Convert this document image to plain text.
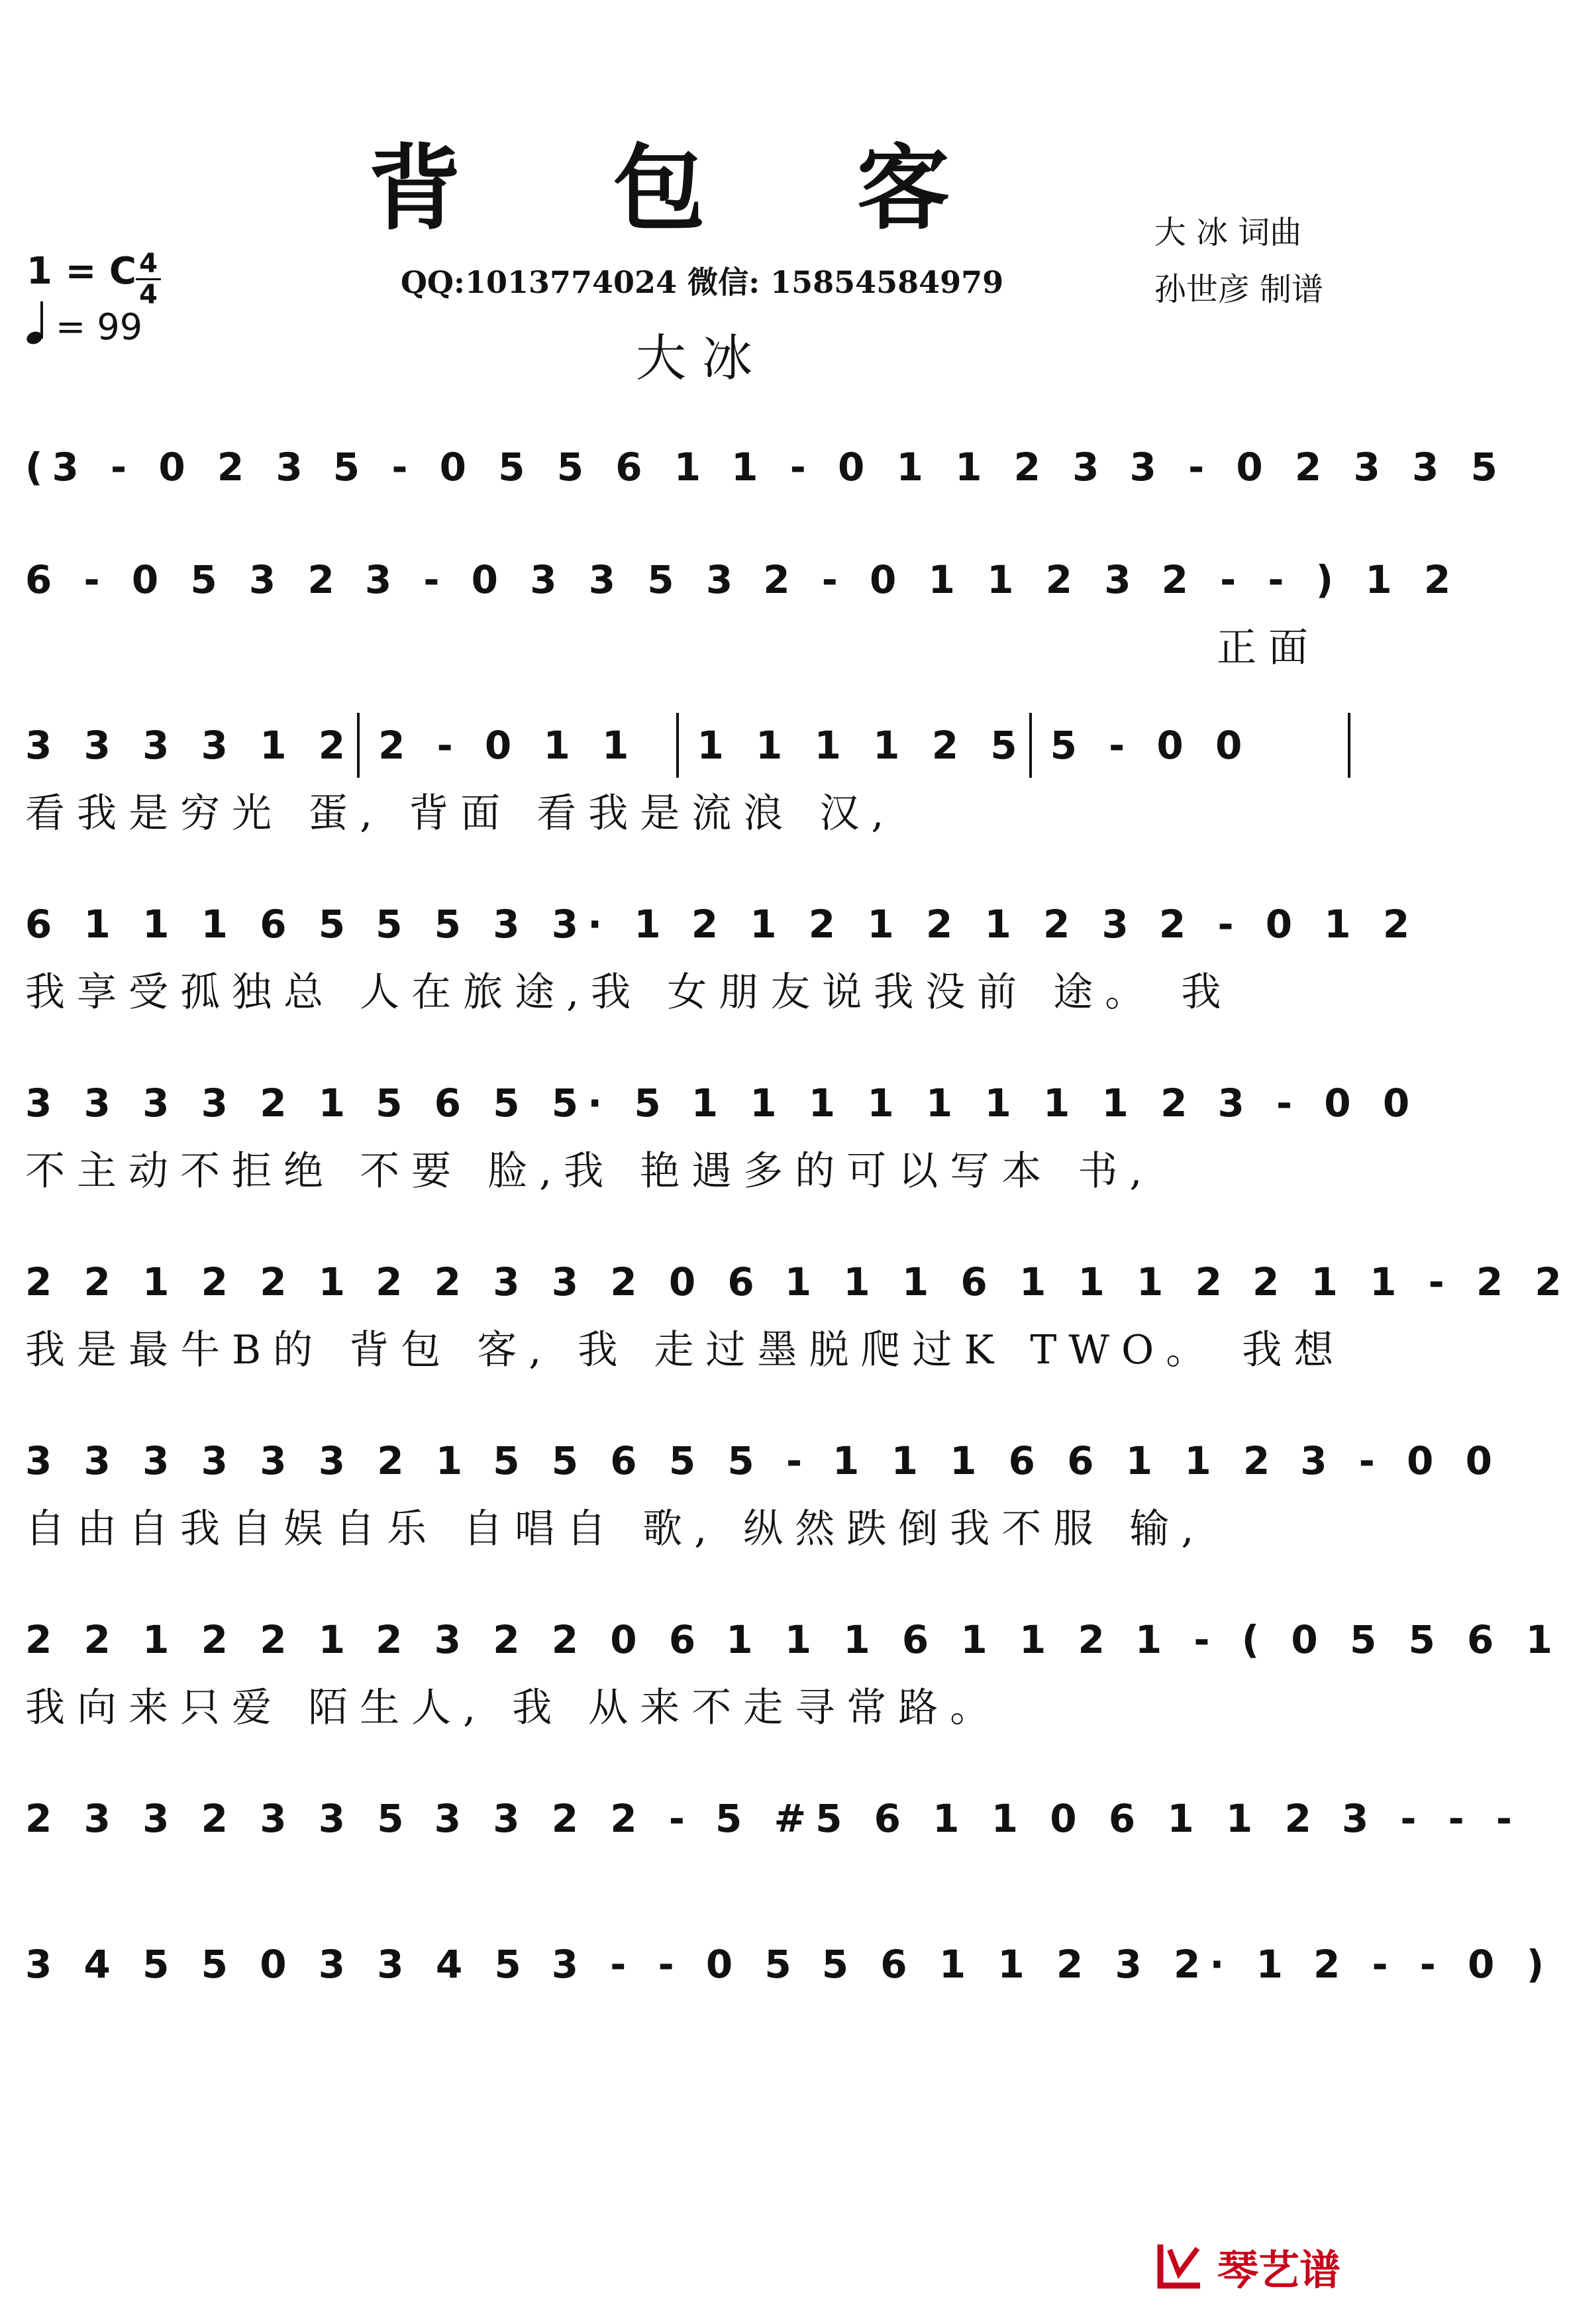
背 包 客	大 冰 词曲
孙世彦 制谱
1 = C 4
4
= 99
QQ:1013774024 微信: 15854584979
大冰
(3 - 0 2 3 5 - 0 5 5 6 1 1 - 0 1 1 2 3 3 - 0 2 3 3 5
6 - 0 5 3 2 3 - 0 3 3 5 3 2 - 0 1 1 2 3 2 - - ) 1 2
正面
3 3 3 3 1 2 2 - 0 1 1	1 1 1 1 2 5 5 - 0 0
看我是穷光 蛋, 背面 看我是流浪 汉,
6 1 1 1 6 5 5 5 3 3· 1 2 1 2 1 2 1 2 3 2 - 0 1 2
我享受孤独总 人在旅途,我 女朋友说我没前 途。 我
3 3 3 3 2 1 5 6 5 5· 5 1 1 1 1 1 1 1 1 2 3 - 0 0
不主动不拒绝 不要 脸,我 艳遇多的可以写本 书,
2 2 1 2 2 1 2 2 3 3 2 0 6 1 1 1 6 1 1 1 2 2 1 1 - 2 2
我是最牛B的 背包 客, 我 走过墨脱爬过K TWO。 我想
3 3 3 3 3 3 2 1 5 5 6 5 5 - 1 1 1 6 6 1 1 2 3 - 0 0
自由自我自娱自乐 自唱自 歌, 纵然跌倒我不服 输,
2 2 1 2 2 1 2 3 2 2 0 6 1 1 1 6 1 1 2 1 - ( 0 5 5 6 1
我向来只爱 陌生人, 我 从来不走寻常路。
2 3 3 2 3 3 5 3 3 2 2 - 5 #5 6 1 1 0 6 1 1 2 3 - - -
3 4 5 5 0 3 3 4 5 3 - - 0 5 5 6 1 1 2 3 2· 1 2 - - 0 )
琴艺谱
